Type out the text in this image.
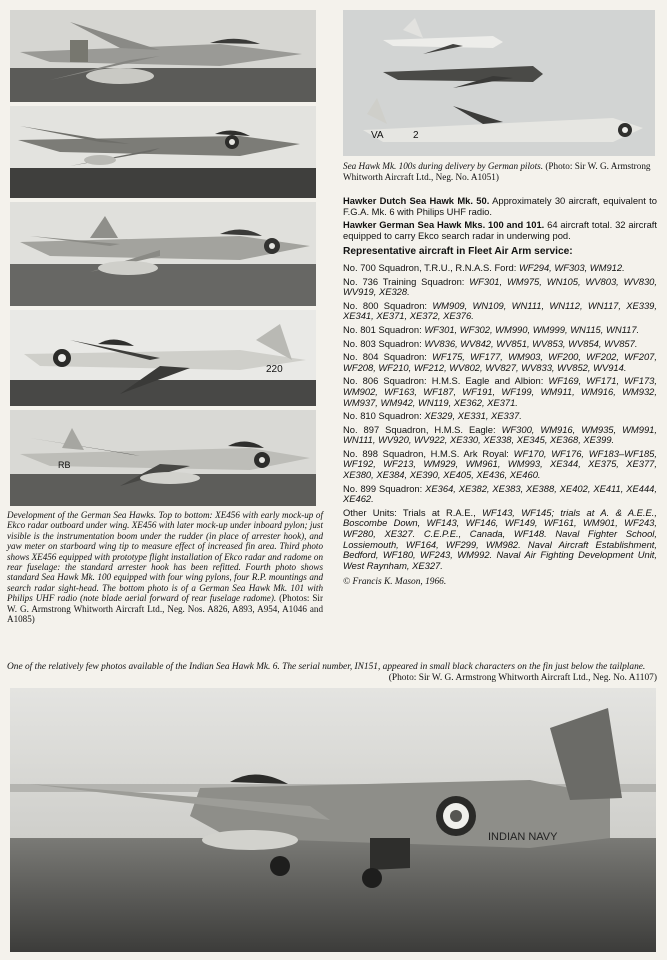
220
RB
VA	2
Sea Hawk Mk. 100s during delivery by German pilots. (Photo: Sir W. G. Armstrong Whitworth Aircraft Ltd., Neg. No. A1051)

Hawker Dutch Sea Hawk Mk. 50. Approximately 30 aircraft, equivalent to F.G.A. Mk. 6 with Philips UHF radio.

Hawker German Sea Hawk Mks. 100 and 101. 64 aircraft total. 32 aircraft equipped to carry Ekco search radar in underwing pod.

Representative aircraft in Fleet Air Arm service:

No. 700 Squadron, T.R.U., R.N.A.S. Ford: WF294, WF303, WM912.

No. 736 Training Squadron: WF301, WM975, WN105, WV803, WV830, WV919, XE328.

No. 800 Squadron: WM909, WN109, WN111, WN112, WN117, XE339, XE341, XE371, XE372, XE376.

No. 801 Squadron: WF301, WF302, WM990, WM999, WN115, WN117.

No. 803 Squadron: WV836, WV842, WV851, WV853, WV854, WV857.

No. 804 Squadron: WF175, WF177, WM903, WF200, WF202, WF207, WF208, WF210, WF212, WV802, WV827, WV833, WV852, WV914.

No. 806 Squadron: H.M.S. Eagle and Albion: WF169, WF171, WF173, WM902, WF163, WF187, WF191, WF199, WM911, WM916, WM932, WM937, WM942, WN119, XE362, XE371.

No. 810 Squadron: XE329, XE331, XE337.

No. 897 Squadron, H.M.S. Eagle: WF300, WM916, WM935, WM991, WN111, WV920, WV922, XE330, XE338, XE345, XE368, XE399.

No. 898 Squadron, H.M.S. Ark Royal: WF170, WF176, WF183–WF185, WF192, WF213, WM929, WM961, WM993, XE344, XE375, XE377, XE380, XE384, XE390, XE405, XE436, XE460.

No. 899 Squadron: XE364, XE382, XE383, XE388, XE402, XE411, XE444, XE462.

Other Units: Trials at R.A.E., WF143, WF145; trials at A. & A.E.E., Boscombe Down, WF143, WF146, WF149, WF161, WM901, WF243, WF280, XE327. C.E.P.E., Canada, WF148. Naval Fighter School, Lossiemouth, WF164, WF299, WM982. Naval Aircraft Establishment, Bedford, WF180, WF243, WM992. Naval Air Fighting Development Unit, West Raynham, XE327.

© Francis K. Mason, 1966.

Development of the German Sea Hawks. Top to bottom: XE456 with early mock-up of Ekco radar outboard under wing. XE456 with later mock-up under inboard pylon; just visible is the instrumentation boom under the rudder (in place of arrester hook), and yaw meter on starboard wing tip to measure effect of increased fin area. Third photo shows XE456 equipped with prototype flight installation of Ekco radar and radome on rear fuselage: the standard arrester hook has been refitted. Fourth photo shows standard Sea Hawk Mk. 100 equipped with four wing pylons, four R.P. mountings and search radar sight-head. The bottom photo is of a German Sea Hawk Mk. 101 with Philips UHF radio (note blade aerial forward of rear fuselage radome). (Photos: Sir W. G. Armstrong Whitworth Aircraft Ltd., Neg. Nos. A826, A893, A954, A1046 and A1085)
One of the relatively few photos available of the Indian Sea Hawk Mk. 6. The serial number, IN151, appeared in small black characters on the fin just below the tailplane.
(Photo: Sir W. G. Armstrong Whitworth Aircraft Ltd., Neg. No. A1107)
INDIAN NAVY
